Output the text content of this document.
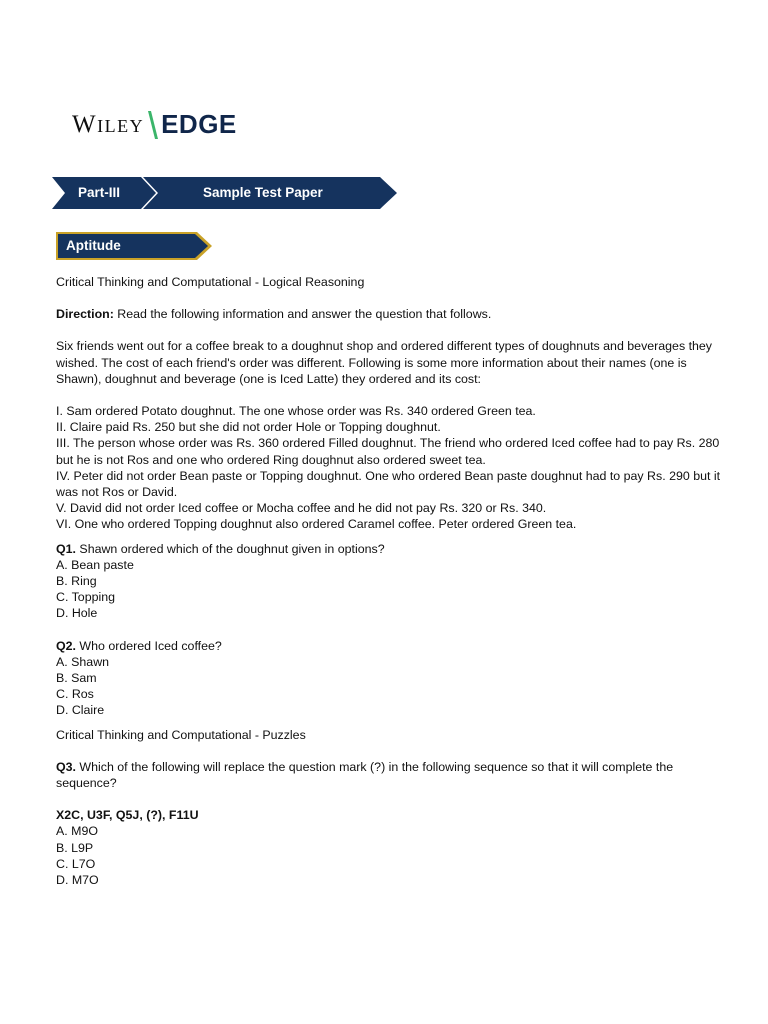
Wiley EDGE
Part-III	Sample Test Paper
Aptitude

Critical Thinking and Computational - Logical Reasoning

Direction: Read the following information and answer the question that follows.

Six friends went out for a coffee break to a doughnut shop and ordered different types of doughnuts and beverages they wished. The cost of each friend's order was different. Following is some more information about their names (one is Shawn), doughnut and beverage (one is Iced Latte) they ordered and its cost:

I. Sam ordered Potato doughnut. The one whose order was Rs. 340 ordered Green tea.

II. Claire paid Rs. 250 but she did not order Hole or Topping doughnut.

III. The person whose order was Rs. 360 ordered Filled doughnut. The friend who ordered Iced coffee had to pay Rs. 280 but he is not Ros and one who ordered Ring doughnut also ordered sweet tea.

IV. Peter did not order Bean paste or Topping doughnut. One who ordered Bean paste doughnut had to pay Rs. 290 but it was not Ros or David.

V. David did not order Iced coffee or Mocha coffee and he did not pay Rs. 320 or Rs. 340.

VI. One who ordered Topping doughnut also ordered Caramel coffee. Peter ordered Green tea.

Q1. Shawn ordered which of the doughnut given in options?

A. Bean paste

B. Ring

C. Topping

D. Hole

Q2. Who ordered Iced coffee?

A. Shawn

B. Sam

C. Ros

D. Claire

Critical Thinking and Computational - Puzzles

Q3. Which of the following will replace the question mark (?) in the following sequence so that it will complete the sequence?

X2C, U3F, Q5J, (?), F11U

A. M9O

B. L9P

C. L7O

D. M7O
